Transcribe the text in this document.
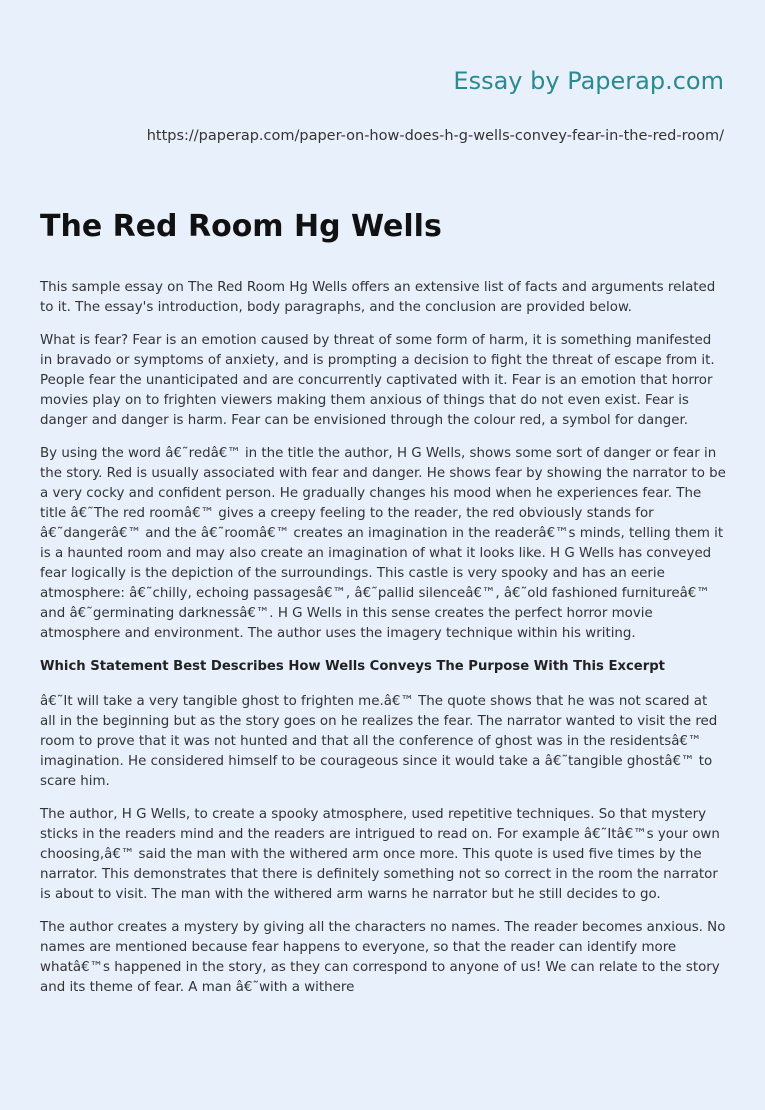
Essay by Paperap.com
https://paperap.com/paper-on-how-does-h-g-wells-convey-fear-in-the-red-room/
The Red Room Hg Wells

This sample essay on The Red Room Hg Wells offers an extensive list of facts and arguments related to it. The essay's introduction, body paragraphs, and the conclusion are provided below.

What is fear? Fear is an emotion caused by threat of some form of harm, it is something manifested in bravado or symptoms of anxiety, and is prompting a decision to fight the threat of escape from it. People fear the unanticipated and are concurrently captivated with it. Fear is an emotion that horror movies play on to frighten viewers making them anxious of things that do not even exist. Fear is danger and danger is harm. Fear can be envisioned through the colour red, a symbol for danger.

By using the word â€˜redâ€™ in the title the author, H G Wells, shows some sort of danger or fear in the story. Red is usually associated with fear and danger. He shows fear by showing the narrator to be a very cocky and confident person. He gradually changes his mood when he experiences fear. The title â€˜The red roomâ€™ gives a creepy feeling to the reader, the red obviously stands for â€˜dangerâ€™ and the â€˜roomâ€™ creates an imagination in the readerâ€™s minds, telling them it is a haunted room and may also create an imagination of what it looks like. H G Wells has conveyed fear logically is the depiction of the surroundings. This castle is very spooky and has an eerie atmosphere: â€˜chilly, echoing passagesâ€™, â€˜pallid silenceâ€™, â€˜old fashioned furnitureâ€™ and â€˜germinating darknessâ€™. H G Wells in this sense creates the perfect horror movie atmosphere and environment. The author uses the imagery technique within his writing.

Which Statement Best Describes How Wells Conveys The Purpose With This Excerpt

â€˜It will take a very tangible ghost to frighten me.â€™ The quote shows that he was not scared at all in the beginning but as the story goes on he realizes the fear. The narrator wanted to visit the red room to prove that it was not hunted and that all the conference of ghost was in the residentsâ€™ imagination. He considered himself to be courageous since it would take a â€˜tangible ghostâ€™ to scare him.

The author, H G Wells, to create a spooky atmosphere, used repetitive techniques. So that mystery sticks in the readers mind and the readers are intrigued to read on. For example â€˜Itâ€™s your own choosing,â€™ said the man with the withered arm once more. This quote is used five times by the narrator. This demonstrates that there is definitely something not so correct in the room the narrator is about to visit. The man with the withered arm warns he narrator but he still decides to go.

The author creates a mystery by giving all the characters no names. The reader becomes anxious. No names are mentioned because fear happens to everyone, so that the reader can identify more whatâ€™s happened in the story, as they can correspond to anyone of us! We can relate to the story and its theme of fear. A man â€˜with a withere
